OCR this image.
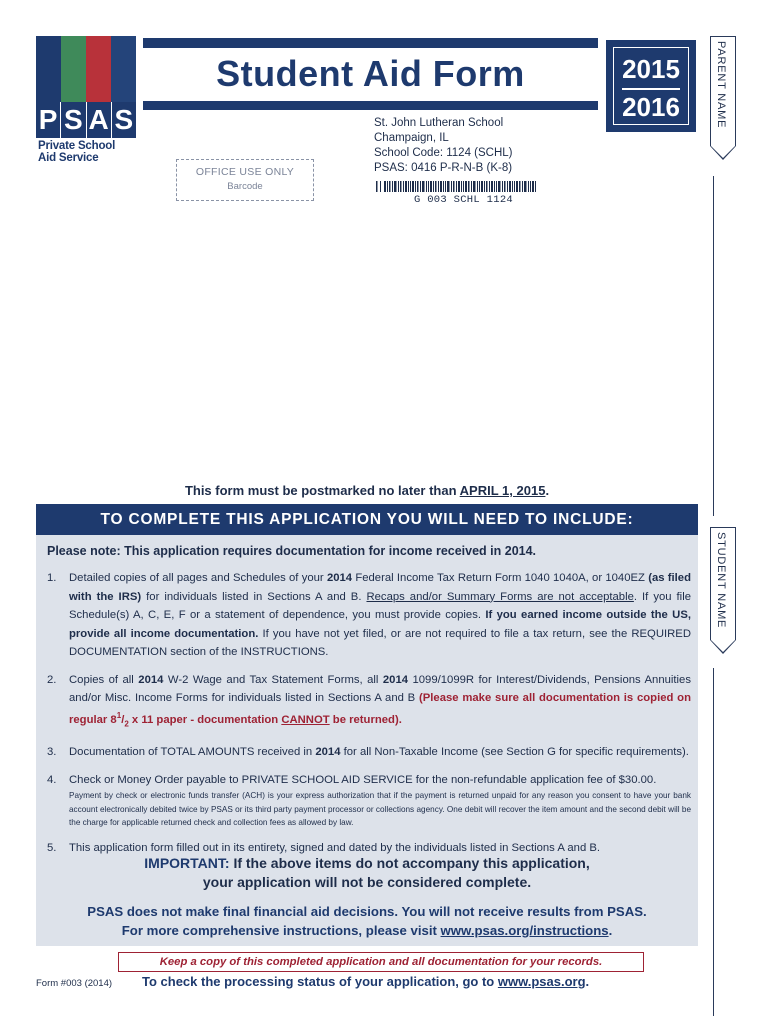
P S A S
Private School
Aid Service
Student Aid Form	2015
2016	PARENT NAME
STUDENT NAME
St. John Lutheran School
Champaign, IL
School Code: 1124 (SCHL)
PSAS: 0416 P-R-N-B (K-8)
G 003 SCHL 1124
OFFICE USE ONLY
Barcode
This form must be postmarked no later than APRIL 1, 2015.
TO COMPLETE THIS APPLICATION YOU WILL NEED TO INCLUDE:
Please note: This application requires documentation for income received in 2014.
1. Detailed copies of all pages and Schedules of your 2014 Federal Income Tax Return Form 1040 1040A, or 1040EZ (as filed with the IRS) for individuals listed in Sections A and B. Recaps and/or Summary Forms are not acceptable. If you file Schedule(s) A, C, E, F or a statement of dependence, you must provide copies. If you earned income outside the US, provide all income documentation. If you have not yet filed, or are not required to file a tax return, see the REQUIRED DOCUMENTATION section of the INSTRUCTIONS.
2. Copies of all 2014 W-2 Wage and Tax Statement Forms, all 2014 1099/1099R for Interest/Dividends, Pensions Annuities and/or Misc. Income Forms for individuals listed in Sections A and B (Please make sure all documentation is copied on regular $8^1/_2$ x 11 paper - documentation CANNOT be returned).
3. Documentation of TOTAL AMOUNTS received in 2014 for all Non-Taxable Income (see Section G for specific requirements).
4. Check or Money Order payable to PRIVATE SCHOOL AID SERVICE for the non-refundable application fee of $30.00.
Payment by check or electronic funds transfer (ACH) is your express authorization that if the payment is returned unpaid for any reason you consent to have your bank account electronically debited twice by PSAS or its third party payment processor or collections agency. One debit will recover the item amount and the second debit will be the charge for applicable returned check and collection fees as allowed by law.
5. This application form filled out in its entirety, signed and dated by the individuals listed in Sections A and B.
IMPORTANT: If the above items do not accompany this application,
your application will not be considered complete.
PSAS does not make final financial aid decisions. You will not receive results from PSAS.
For more comprehensive instructions, please visit www.psas.org/instructions.
Keep a copy of this completed application and all documentation for your records.
Form #003 (2014) To check the processing status of your application, go to www.psas.org.
